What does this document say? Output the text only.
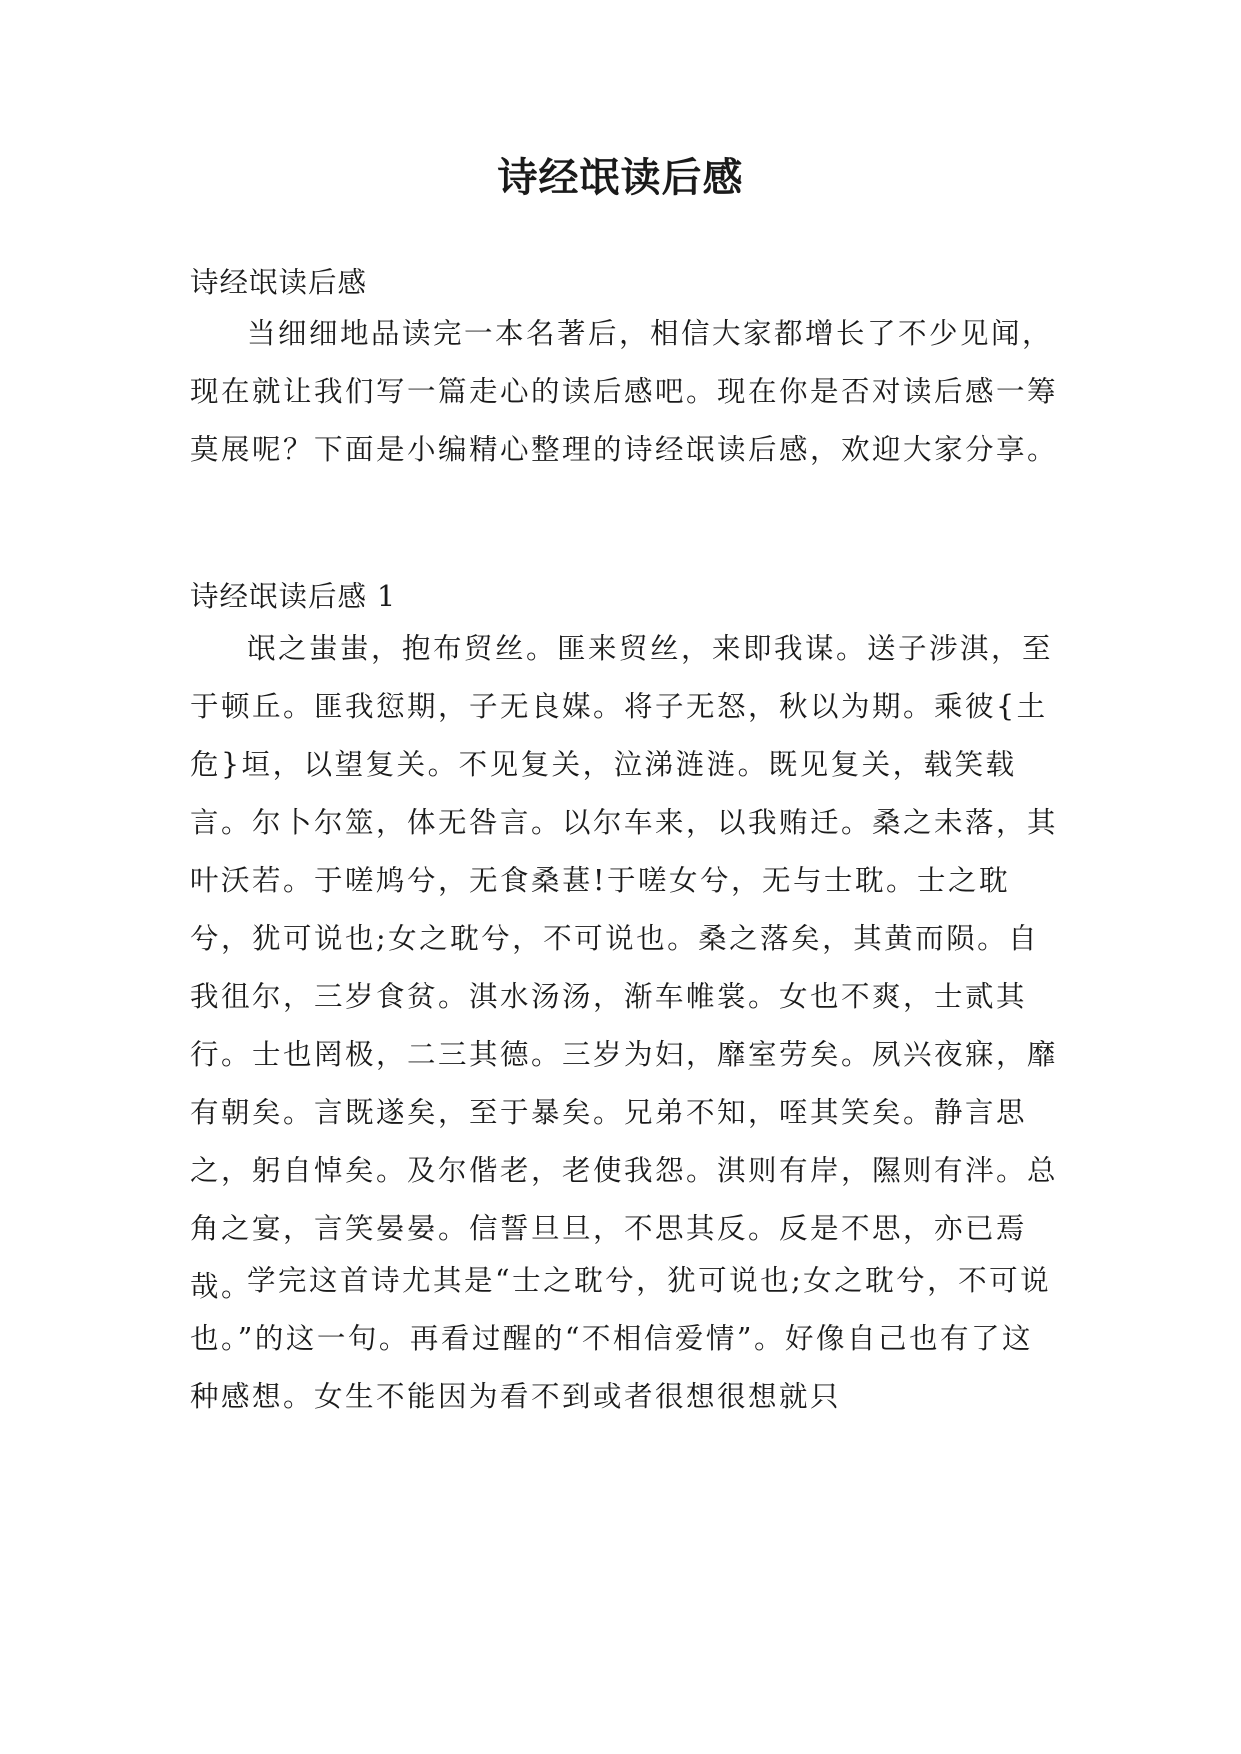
诗经氓读后感
诗经氓读后感

当细细地品读完一本名著后，相信大家都增长了不少见闻，现在就让我们写一篇走心的读后感吧。现在你是否对读后感一筹莫展呢？下面是小编精心整理的诗经氓读后感，欢迎大家分享。

诗经氓读后感 1

氓之蚩蚩，抱布贸丝。匪来贸丝，来即我谋。送子涉淇，至于顿丘。匪我愆期，子无良媒。将子无怒，秋以为期。乘彼{土危}垣，以望复关。不见复关，泣涕涟涟。既见复关，载笑载言。尔卜尔筮，体无咎言。以尔车来，以我贿迁。桑之未落，其叶沃若。于嗟鸠兮，无食桑葚!于嗟女兮，无与士耽。士之耽兮，犹可说也;女之耽兮，不可说也。桑之落矣，其黄而陨。自我徂尔，三岁食贫。淇水汤汤，渐车帷裳。女也不爽，士贰其行。士也罔极，二三其德。三岁为妇，靡室劳矣。夙兴夜寐，靡有朝矣。言既遂矣，至于暴矣。兄弟不知，咥其笑矣。静言思之，躬自悼矣。及尔偕老，老使我怨。淇则有岸，隰则有泮。总角之宴，言笑晏晏。信誓旦旦，不思其反。反是不思，亦已焉哉。

学完这首诗尤其是“士之耽兮，犹可说也;女之耽兮，不可说也。”的这一句。再看过醒的“不相信爱情”。好像自己也有了这种感想。女生不能因为看不到或者很想很想就只
